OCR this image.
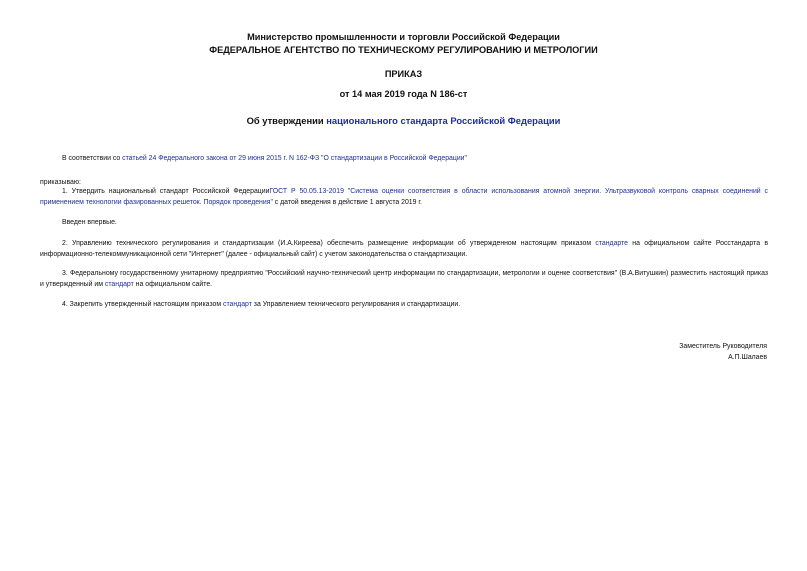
Министерство промышленности и торговли Российской Федерации
ФЕДЕРАЛЬНОЕ АГЕНТСТВО ПО ТЕХНИЧЕСКОМУ РЕГУЛИРОВАНИЮ И МЕТРОЛОГИИ
ПРИКАЗ
от 14 мая 2019 года N 186-ст
Об утверждении национального стандарта Российской Федерации
В соответствии со статьей 24 Федерального закона от 29 июня 2015 г. N 162-ФЗ "О стандартизации в Российской Федерации"
приказываю:
1. Утвердить национальный стандарт Российской ФедерацииГОСТ Р 50.05.13-2019 "Система оценки соответствия в области использования атомной энергии. Ультразвуковой контроль сварных соединений с применением технологии фазированных решеток. Порядок проведения" с датой введения в действие 1 августа 2019 г.
Введен впервые.
2. Управлению технического регулирования и стандартизации (И.А.Киреева) обеспечить размещение информации об утвержденном настоящим приказом стандарте на официальном сайте Росстандарта в информационно-телекоммуникационной сети "Интернет" (далее - официальный сайт) с учетом законодательства о стандартизации.
3. Федеральному государственному унитарному предприятию "Российский научно-технический центр информации по стандартизации, метрологии и оценке соответствия" (В.А.Витушкин) разместить настоящий приказ и утвержденный им стандарт на официальном сайте.
4. Закрепить утвержденный настоящим приказом стандарт за Управлением технического регулирования и стандартизации.
Заместитель Руководителя
А.П.Шалаев
